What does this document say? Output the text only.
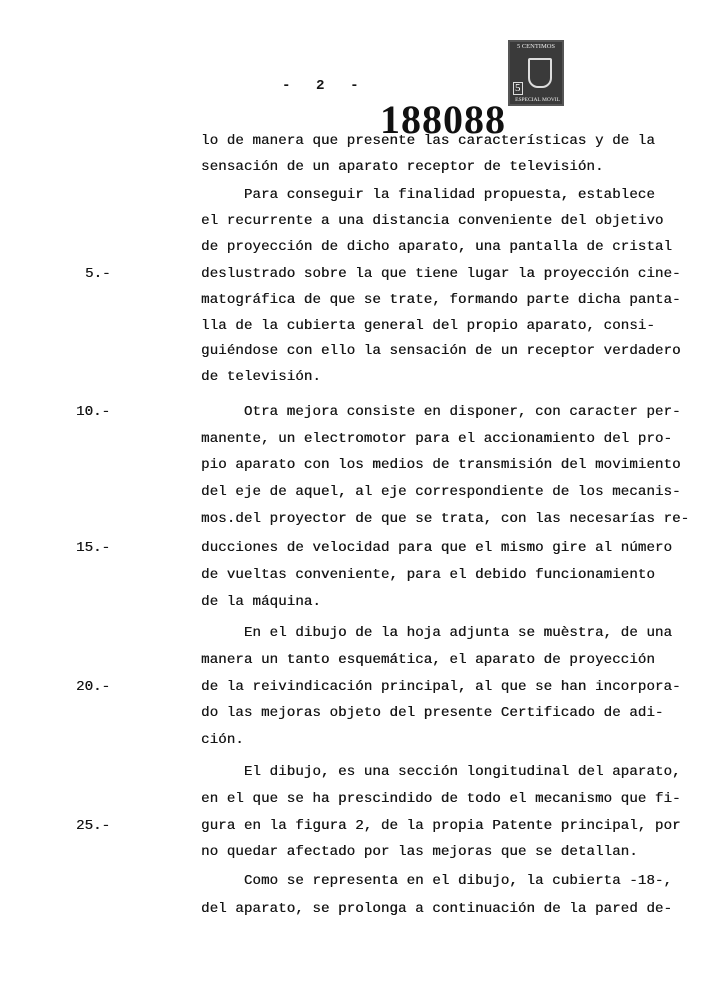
-   2   -
5 CENTIMOS
5
ESPECIAL MOVIL
188088
lo de manera que presente las características y de la
sensación de un aparato receptor de televisión.
Para conseguir la finalidad propuesta, establece
el recurrente a una distancia conveniente del objetivo
de proyección de dicho aparato, una pantalla de cristal
deslustrado sobre la que tiene lugar la proyección cine-
matográfica de que se trate, formando parte dicha panta-
lla de la cubierta general del propio aparato, consi-
guiéndose con ello la sensación de un receptor verdadero
de televisión.
Otra mejora consiste en disponer, con caracter per-
manente, un electromotor para el accionamiento del pro-
pio aparato con los medios de transmisión del movimiento
del eje de aquel, al eje correspondiente de los mecanis-
mos.del proyector de que se trata, con las necesarías re-
ducciones de velocidad para que el mismo gire al número
de vueltas conveniente, para el debido funcionamiento
de la máquina.
En el dibujo de la hoja adjunta se muèstra, de una
manera un tanto esquemática, el aparato de proyección
de la reivindicación principal, al que se han incorpora-
do las mejoras objeto del presente Certificado de adi-
ción.
El dibujo, es una sección longitudinal del aparato,
en el que se ha prescindido de todo el mecanismo que fi-
gura en la figura 2, de la propia Patente principal, por
no quedar afectado por las mejoras que se detallan.
Como se representa en el dibujo, la cubierta -18-,
del aparato, se prolonga a continuación de la pared de-
5.-
10.-
15.-
20.-
25.-
